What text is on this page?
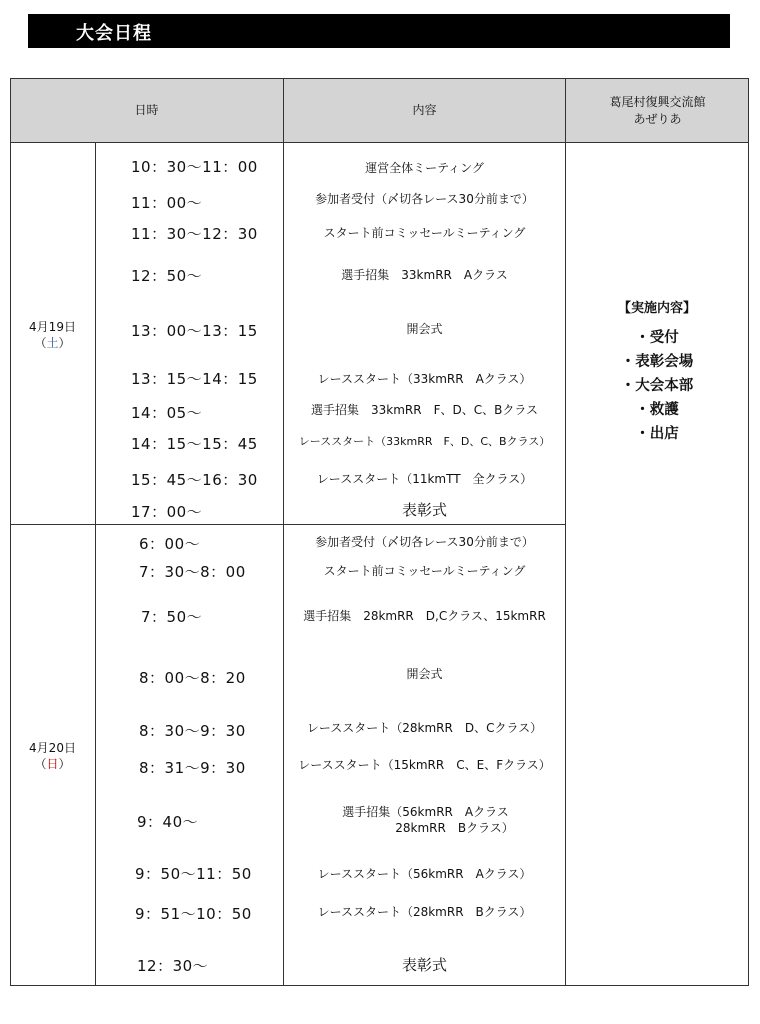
大会日程
日時	内容
葛尾村復興交流館
あぜりあ
4月19日
（土）
4月20日
（日）
10：30～11：00
11：00～
11：30～12：30
12：50～
13：00～13：15
13：15～14：15
14：05～
14：15～15：45
15：45～16：30
17：00～
運営全体ミーティング
参加者受付（〆切各レース30分前まで）
スタート前コミッセールミーティング
選手招集　33kmRR　Aクラス
開会式
レーススタート（33kmRR　Aクラス）
選手招集　33kmRR　F、D、C、Bクラス
レーススタート（33kmRR　F、D、C、Bクラス）
レーススタート（11kmTT　全クラス）
表彰式
6：00～
7：30～8：00
7：50～
8：00～8：20
8：30～9：30
8：31～9：30
9：40～
9：50～11：50
9：51～10：50
12：30～
参加者受付（〆切各レース30分前まで）
スタート前コミッセールミーティング
選手招集　28kmRR　D,Cクラス、15kmRR
開会式
レーススタート（28kmRR　D、Cクラス）
レーススタート（15kmRR　C、E、Fクラス）
選手招集（56kmRR　Aクラス
28kmRR　Bクラス）
レーススタート（56kmRR　Aクラス）
レーススタート（28kmRR　Bクラス）
表彰式
【実施内容】
・受付
・表彰会場
・大会本部
・救護
・出店
